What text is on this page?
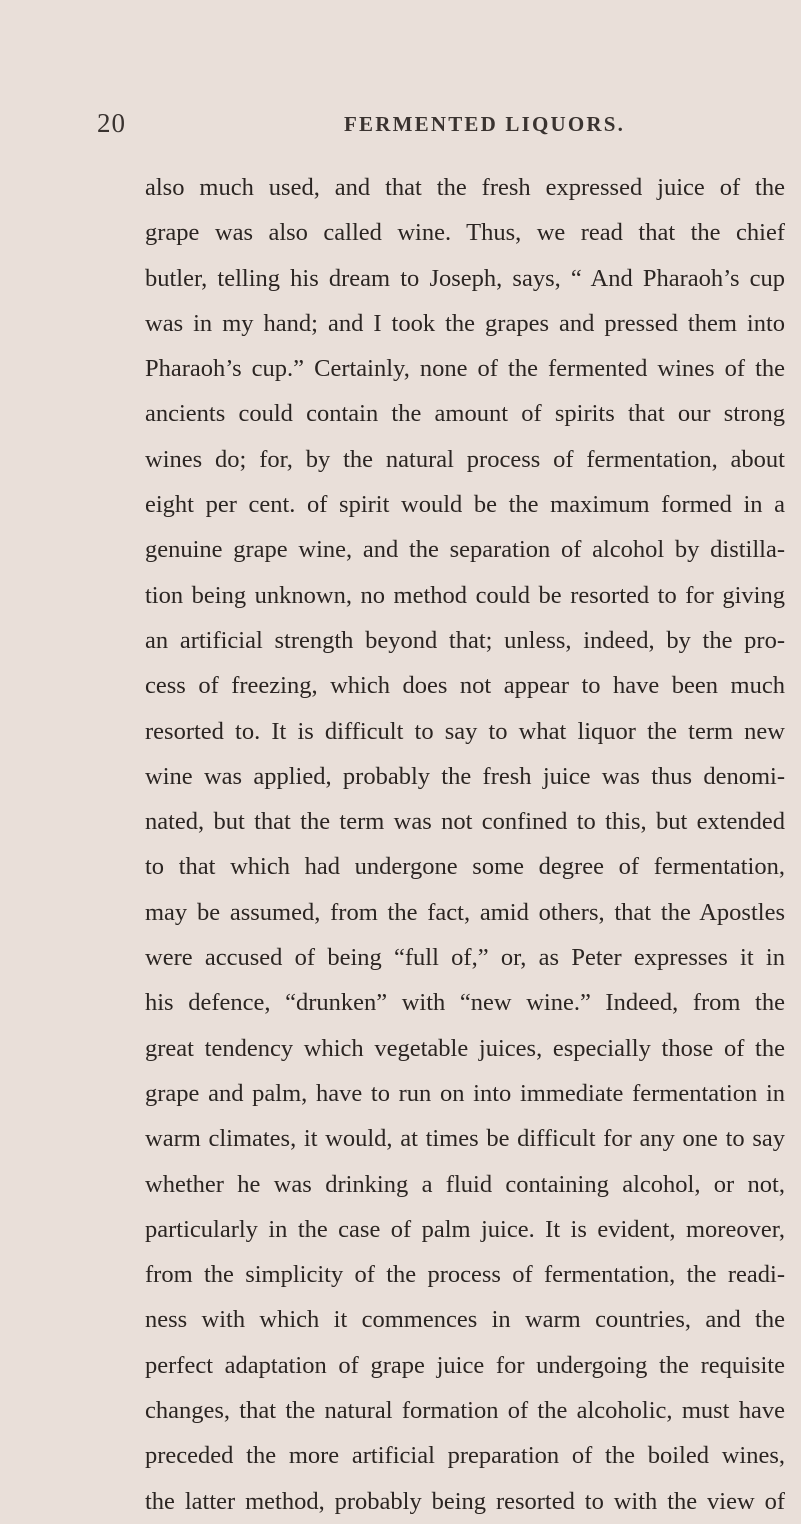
20	FERMENTED LIQUORS.
also much used, and that the fresh expressed juice of the
grape was also called wine. Thus, we read that the chief
butler, telling his dream to Joseph, says, “ And Pharaoh’s cup
was in my hand; and I took the grapes and pressed them into
Pharaoh’s cup.” Certainly, none of the fermented wines of the
ancients could contain the amount of spirits that our strong
wines do; for, by the natural process of fermentation, about
eight per cent. of spirit would be the maximum formed in a
genuine grape wine, and the separation of alcohol by distilla-
tion being unknown, no method could be resorted to for giving
an artificial strength beyond that; unless, indeed, by the pro-
cess of freezing, which does not appear to have been much
resorted to. It is difficult to say to what liquor the term new
wine was applied, probably the fresh juice was thus denomi-
nated, but that the term was not confined to this, but extended
to that which had undergone some degree of fermentation,
may be assumed, from the fact, amid others, that the Apostles
were accused of being “full of,” or, as Peter expresses it in
his defence, “drunken” with “new wine.” Indeed, from the
great tendency which vegetable juices, especially those of the
grape and palm, have to run on into immediate fermentation in
warm climates, it would, at times be difficult for any one to say
whether he was drinking a fluid containing alcohol, or not,
particularly in the case of palm juice. It is evident, moreover,
from the simplicity of the process of fermentation, the readi-
ness with which it commences in warm countries, and the
perfect adaptation of grape juice for undergoing the requisite
changes, that the natural formation of the alcoholic, must have
preceded the more artificial preparation of the boiled wines,
the latter method, probably being resorted to with the view of
